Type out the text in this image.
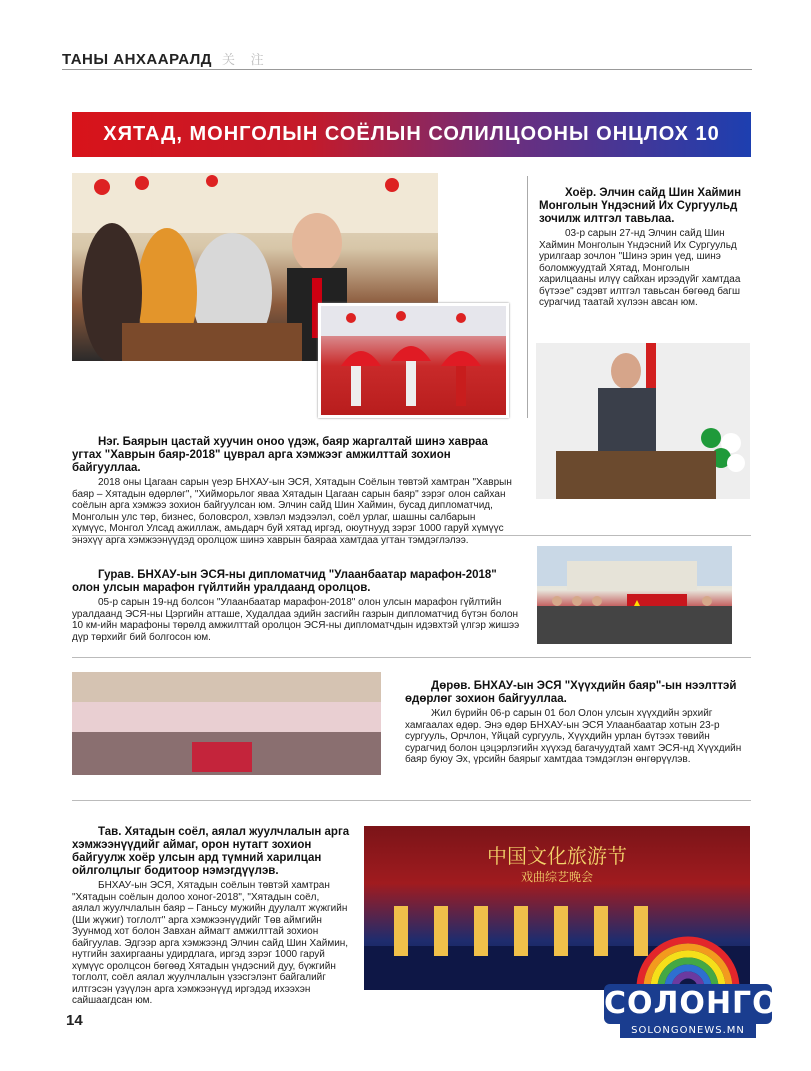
ТАНЫ АНХААРАЛД 关 注
ХЯТАД, МОНГОЛЫН СОЁЛЫН СОЛИЛЦООНЫ ОНЦЛОХ 10
中国文化旅游节
戏曲综艺晚会
Нэг. Баярын цастай хуучин оноо үдэж, баяр жаргалтай шинэ хавраа угтах "Хаврын баяр-2018" цуврал арга хэмжээг амжилттай зохион байгууллаа.

2018 оны Цагаан сарын үеэр БНХАУ-ын ЭСЯ, Хятадын Соёлын төвтэй хамтран "Хаврын баяр – Хятадын өдөрлөг", "Хийморьлог яваа Хятадын Цагаан сарын баяр" зэрэг олон сайхан соёлын арга хэмжээ зохион байгуулсан юм. Элчин сайд Шин Хаймин, бусад дипломатчид, Монголын улс төр, бизнес, боловсрол, хэвлэл мэдээлэл, соёл урлаг, шашны салбарын хүмүүс, Монгол Улсад ажиллаж, амьдарч буй хятад иргэд, оюутнууд зэрэг 1000 гаруй хүмүүс энэхүү арга хэмжээнүүдэд оролцож шинэ хаврын баяраа хамтдаа угтан тэмдэглэлээ.

Хоёр. Элчин сайд Шин Хаймин Монголын Үндэсний Их Сургуульд зочилж илтгэл тавьлаа.

03-р сарын 27-нд Элчин сайд Шин Хаймин Монголын Үндэсний Их Сургуульд урилгаар зочлон "Шинэ эрин үед, шинэ боломжуудтай Хятад, Монголын харилцааны илүү сайхан ирээдүйг хамтдаа бүтээе" сэдэвт илтгэл тавьсан бөгөөд багш сурагчид таатай хүлээн авсан юм.

Гурав. БНХАУ-ын ЭСЯ-ны дипломатчид "Улаанбаатар марафон-2018" олон улсын марафон гүйлтийн уралдаанд оролцов.

05-р сарын 19-нд болсон "Улаанбаатар марафон-2018" олон улсын марафон гүйлтийн уралдаанд ЭСЯ-ны Цэргийн атташе, Худалдаа эдийн засгийн газрын дипломатчид бүтэн болон 10 км-ийн марафоны төрөлд амжилттай оролцон ЭСЯ-ны дипломатчдын идэвхтэй үлгэр жишээ дүр төрхийг бий болгосон юм.

Дөрөв. БНХАУ-ын ЭСЯ "Хүүхдийн баяр"-ын нээлттэй өдөрлөг зохион байгууллаа.

Жил бүрийн 06-р сарын 01 бол Олон улсын хүүхдийн эрхийг хамгаалах өдөр. Энэ өдөр БНХАУ-ын ЭСЯ Улаанбаатар хотын 23-р сургууль, Орчлон, Үйцай сургууль, Хүүхдийн урлан бүтээх төвийн сурагчид болон цэцэрлэгийн хүүхэд багачуудтай хамт ЭСЯ-нд Хүүхдийн баяр буюу Эх, үрсийн баярыг хамтдаа тэмдэглэн өнгөрүүлэв.

Тав. Хятадын соёл, аялал жуулчлалын арга хэмжээнүүдийг аймаг, орон нутагт зохион байгуулж хоёр улсын ард түмний харилцан ойлголцлыг бодитоор нэмэгдүүлэв.

БНХАУ-ын ЭСЯ, Хятадын соёлын төвтэй хамтран "Хятадын соёлын долоо хоног-2018", "Хятадын соёл, аялал жуулчлалын баяр – Ганьсу мужийн дуулалт жүжгийн (Ши жүжиг) тоглолт" арга хэмжээнүүдийг Төв аймгийн Зуунмод хот болон Завхан аймагт амжилттай зохион байгуулав. Эдгээр арга хэмжээнд Элчин сайд Шин Хаймин, нутгийн захиргааны удирдлага, иргэд зэрэг 1000 гаруй хүмүүс оролцсон бөгөөд Хятадын үндэсний дуу, бүжгийн тоглолт, соёл аялал жуулчлалын үзэсгэлэнт байгалийг илтгэсэн үзүүлэн арга хэмжээнүүд иргэдэд ихээхэн сайшаагдсан юм.

14	СОЛОНГО
SOLONGONEWS.MN
